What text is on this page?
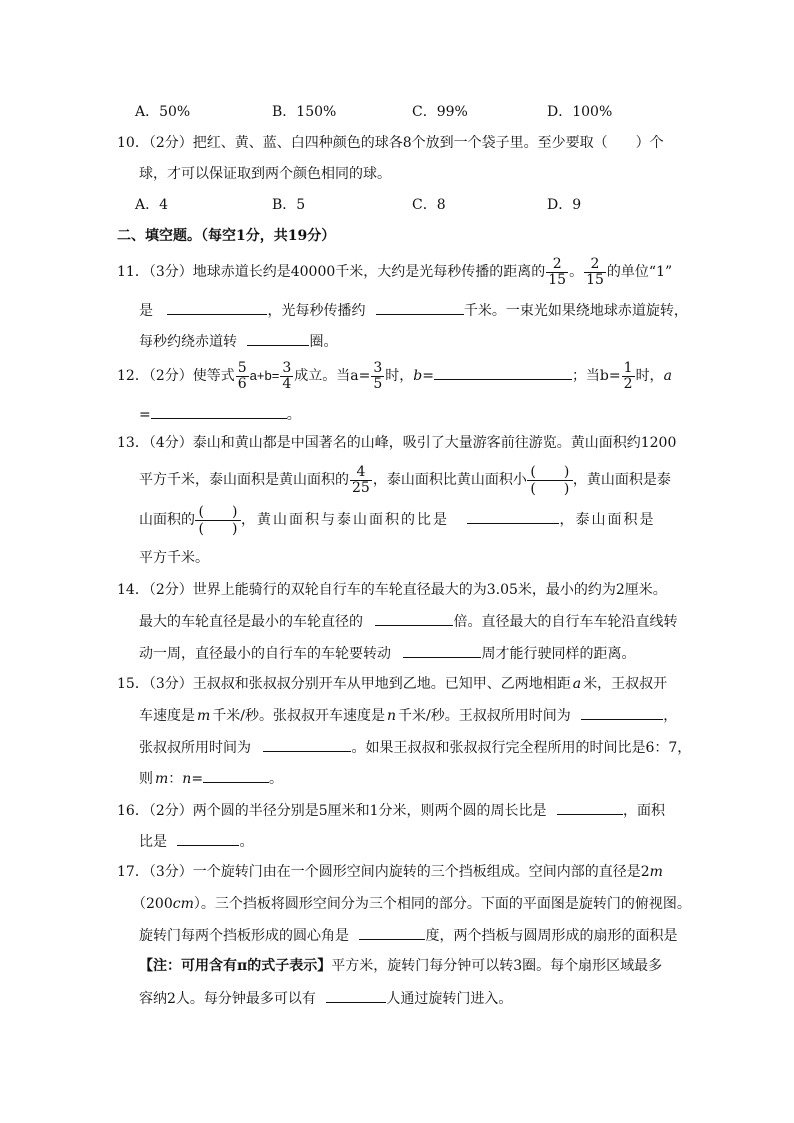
A．50%	B．150%	C．99%	D．100%
10．（2分）把红、黄、蓝、白四种颜色的球各8个放到一个袋子里。至少要取（　　）个
球，才可以保证取到两个颜色相同的球。
A．4	B．5	C．8	D．9
二、填空题。（每空1分，共19分）
11．（3分）地球赤道长约是40000千米，大约是光每秒传播的距离的 $\frac{2}{15}$ 。 $\frac{2}{15}$ 的单位“1”
是	，光每秒传播约	千米。一束光如果绕地球赤道旋转，
每秒约绕赤道转	圈。
12．（2分）使等式 $\frac{5}{6} a+b= \frac{3}{4}$ 成立。当$a= \frac{3}{5}$ 时，b=	；当$b= \frac{1}{2}$ 时，a
=	。
13．（4分）泰山和黄山都是中国著名的山峰，吸引了大量游客前往游览。黄山面积约1200
平方千米，泰山面积是黄山面积的 $\frac{4}{25}$ ，泰山面积比黄山面积小
(　　)
(　　)
，黄山面积是泰
山面积的
(　　)
(　　)
，黄山面积与泰山面积的比是	，泰山面积是
平方千米。
14．（2分）世界上能骑行的双轮自行车的车轮直径最大的为3.05米，最小的约为2厘米。
最大的车轮直径是最小的车轮直径的	倍。直径最大的自行车车轮沿直线转
动一周，直径最小的自行车的车轮要转动	周才能行驶同样的距离。
15．（3分）王叔叔和张叔叔分别开车从甲地到乙地。已知甲、乙两地相距 a 米，王叔叔开
车速度是 m 千米/秒。张叔叔开车速度是 n 千米/秒。王叔叔所用时间为	，
张叔叔所用时间为	。如果王叔叔和张叔叔行完全程所用的时间比是6：7，
则 m：n=	。
16．（2分）两个圆的半径分别是5厘米和1分米，则两个圆的周长比是	，面积
比是	。
17．（3分）一个旋转门由在一个圆形空间内旋转的三个挡板组成。空间内部的直径是2m
（200cm）。三个挡板将圆形空间分为三个相同的部分。下面的平面图是旋转门的俯视图。
旋转门每两个挡板形成的圆心角是	度，两个挡板与圆周形成的扇形的面积是
【注：可用含有π的式子表示】平方米，旋转门每分钟可以转3圈。每个扇形区域最多
容纳2人。每分钟最多可以有	人通过旋转门进入。
